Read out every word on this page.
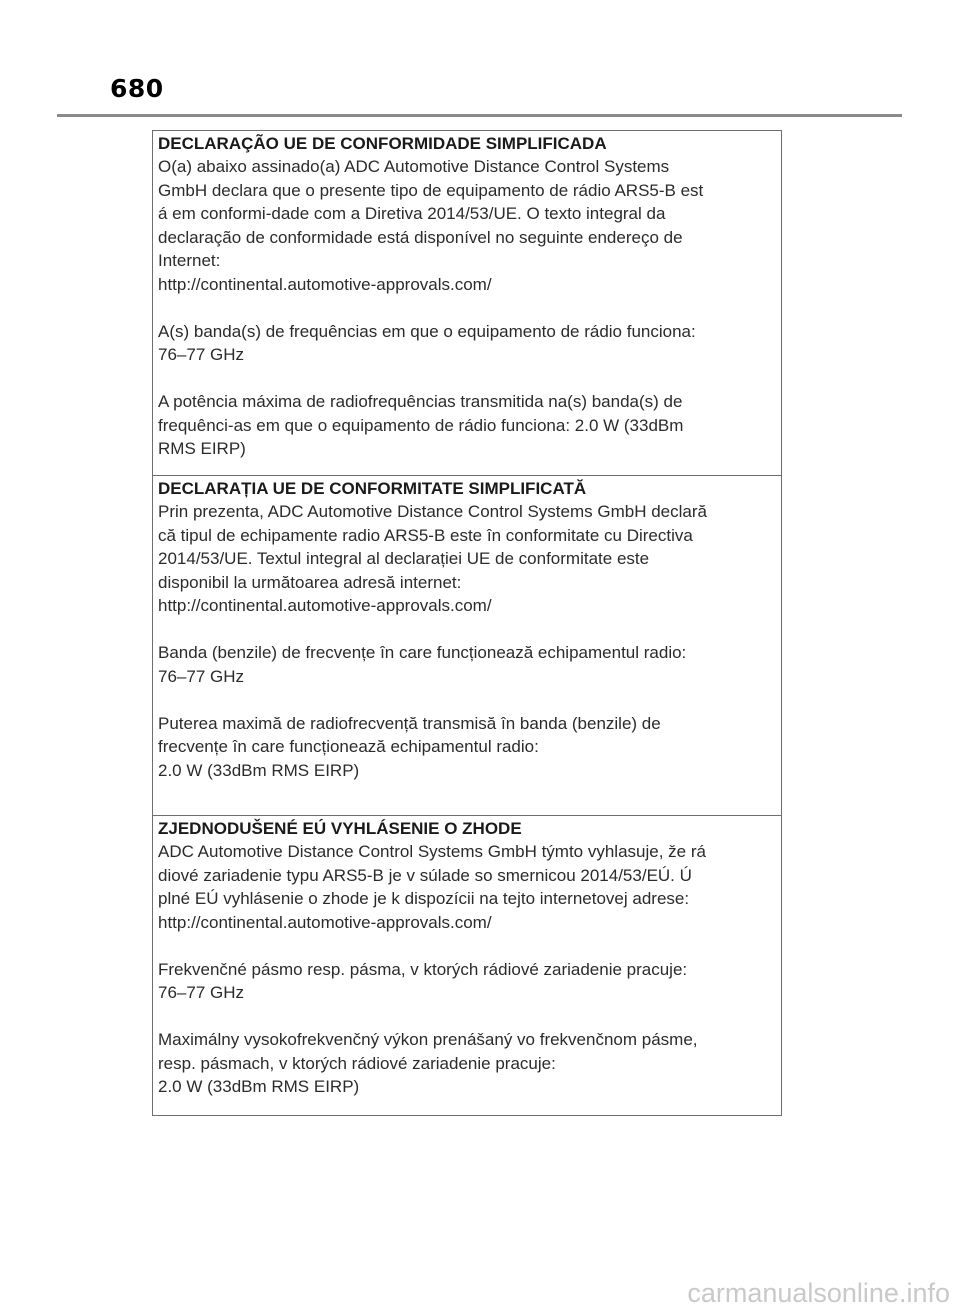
680
DECLARAÇÃO UE DE CONFORMIDADE SIMPLIFICADA

O(a) abaixo assinado(a) ADC Automotive Distance Control Systems
GmbH declara que o presente tipo de equipamento de rádio ARS5-B est
á em conformi-dade com a Diretiva 2014/53/UE. O texto integral da
declaração de conformidade está disponível no seguinte endereço de
Internet:
http://continental.automotive-approvals.com/

A(s) banda(s) de frequências em que o equipamento de rádio funciona:
76–77 GHz

A potência máxima de radiofrequências transmitida na(s) banda(s) de
frequênci-as em que o equipamento de rádio funciona: 2.0 W (33dBm
RMS EIRP)

DECLARAȚIA UE DE CONFORMITATE SIMPLIFICATĂ

Prin prezenta, ADC Automotive Distance Control Systems GmbH declară
că tipul de echipamente radio ARS5-B este în conformitate cu Directiva
2014/53/UE. Textul integral al declarației UE de conformitate este
disponibil la următoarea adresă internet:
http://continental.automotive-approvals.com/

Banda (benzile) de frecvențe în care funcționează echipamentul radio:
76–77 GHz

Puterea maximă de radiofrecvență transmisă în banda (benzile) de
frecvențe în care funcționează echipamentul radio:
2.0 W (33dBm RMS EIRP)

ZJEDNODUŠENÉ EÚ VYHLÁSENIE O ZHODE

ADC Automotive Distance Control Systems GmbH týmto vyhlasuje, že rá
diové zariadenie typu ARS5-B je v súlade so smernicou 2014/53/EÚ. Ú
plné EÚ vyhlásenie o zhode je k dispozícii na tejto internetovej adrese:
http://continental.automotive-approvals.com/

Frekvenčné pásmo resp. pásma, v ktorých rádiové zariadenie pracuje:
76–77 GHz

Maximálny vysokofrekvenčný výkon prenášaný vo frekvenčnom pásme,
resp. pásmach, v ktorých rádiové zariadenie pracuje:
2.0 W (33dBm RMS EIRP)

carmanualsonline.info
